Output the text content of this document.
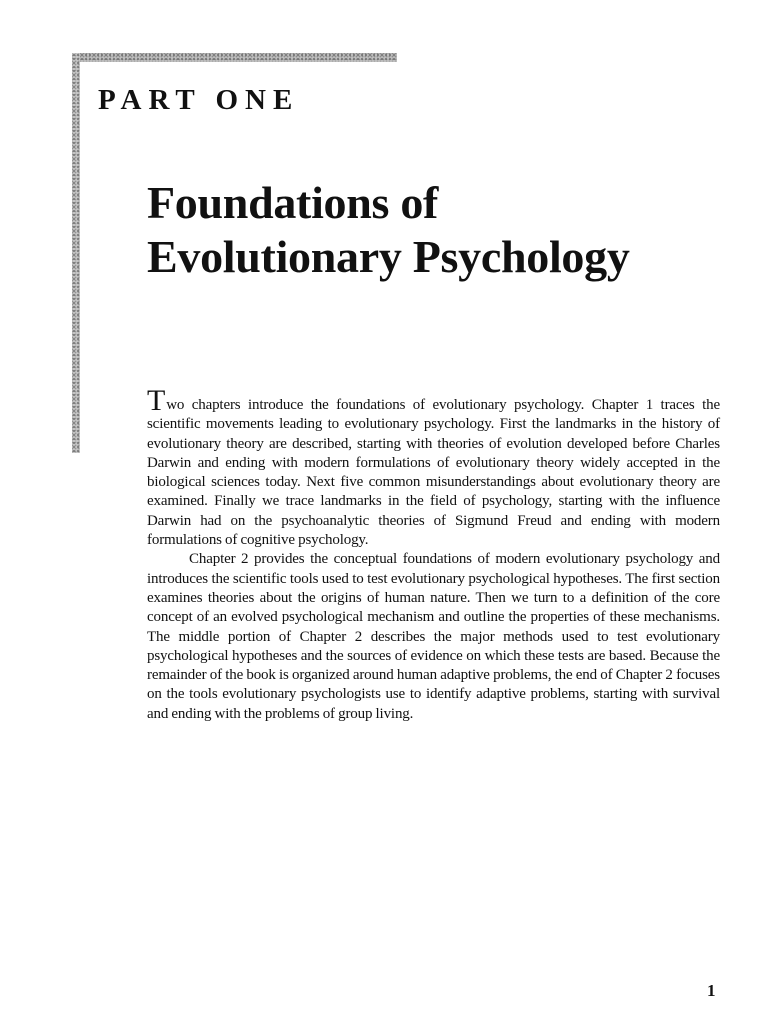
PART ONE
Foundations of
Evolutionary Psychology

Two chapters introduce the foundations of evolutionary psychology. Chapter 1 traces the scientific movements leading to evolutionary psychology. First the landmarks in the history of evolutionary theory are described, starting with theories of evolution developed before Charles Darwin and ending with modern formulations of evolutionary theory widely accepted in the biological sciences today. Next five common misunderstandings about evolutionary theory are examined. Finally we trace landmarks in the field of psychology, starting with the influence Darwin had on the psychoanalytic theories of Sigmund Freud and ending with modern formulations of cognitive psychology.

Chapter 2 provides the conceptual foundations of modern evolutionary psychology and introduces the scientific tools used to test evolutionary psychological hypotheses. The first section examines theories about the origins of human nature. Then we turn to a definition of the core concept of an evolved psychological mechanism and outline the properties of these mechanisms. The middle portion of Chapter 2 describes the major methods used to test evolutionary psychological hypotheses and the sources of evidence on which these tests are based. Because the remainder of the book is organized around human adaptive problems, the end of Chapter 2 focuses on the tools evolutionary psychologists use to identify adaptive problems, starting with survival and ending with the problems of group living.

1
